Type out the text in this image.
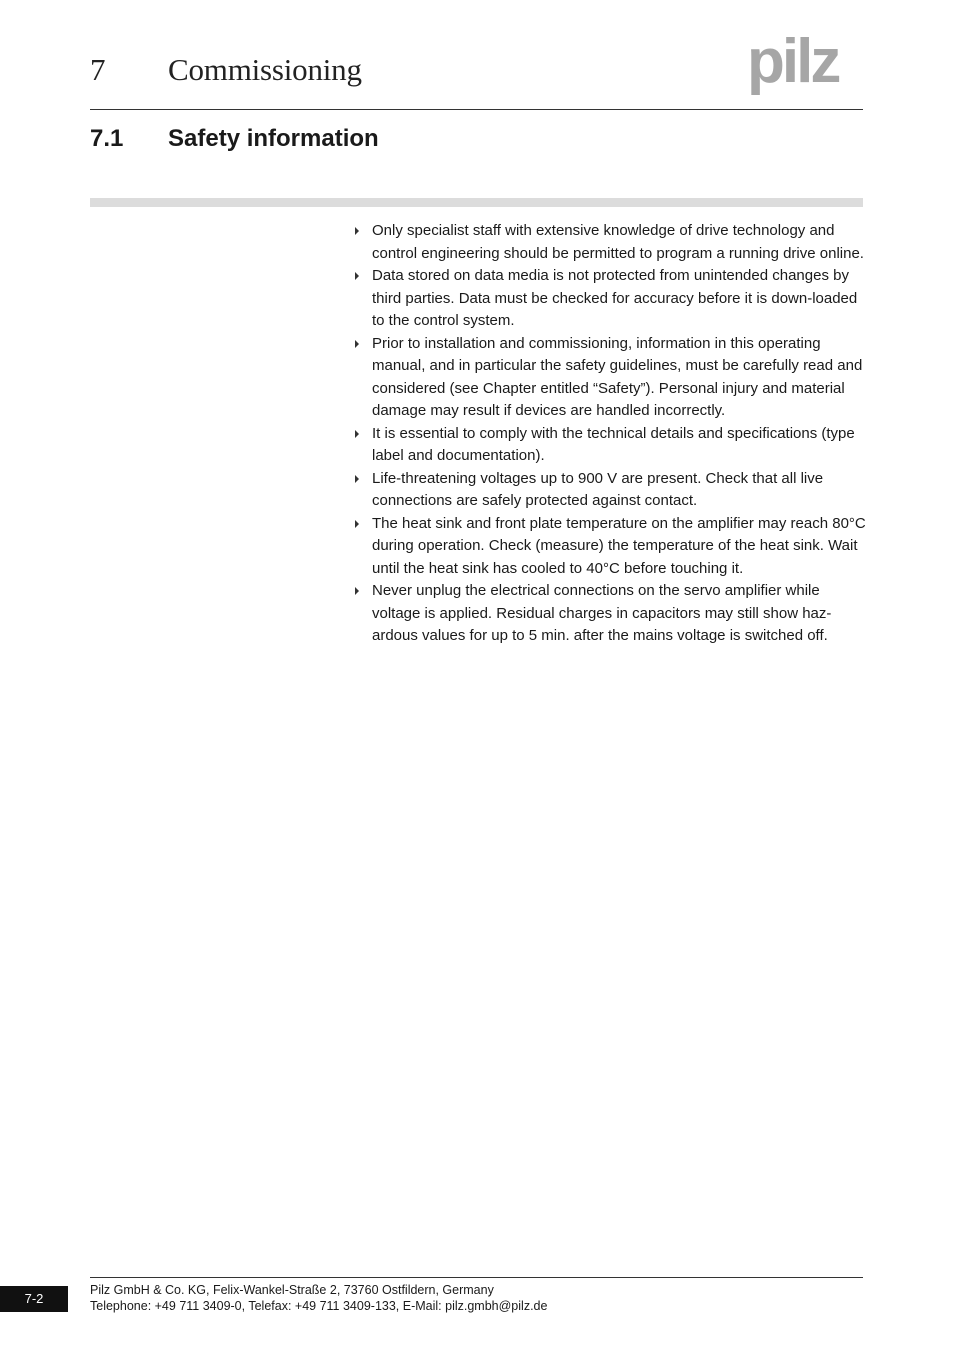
7 Commissioning	pilz
7.1 Safety information
Only specialist staff with extensive knowledge of drive technology and control engineering should be permitted to program a running drive online.
Data stored on data media is not protected from unintended changes by third parties. Data must be checked for accuracy before it is down-loaded to the control system.
Prior to installation and commissioning, information in this operating manual, and in particular the safety guidelines, must be carefully read and considered (see Chapter entitled “Safety”). Personal injury and material damage may result if devices are handled incorrectly.
It is essential to comply with the technical details and specifications (type label and documentation).
Life-threatening voltages up to 900 V are present. Check that all live connections are safely protected against contact.
The heat sink and front plate temperature on the amplifier may reach 80°C during operation. Check (measure) the temperature of the heat sink. Wait until the heat sink has cooled to 40°C before touching it.
Never unplug the electrical connections on the servo amplifier while voltage is applied. Residual charges in capacitors may still show haz-ardous values for up to 5 min. after the mains voltage is switched off.
7-2
Pilz GmbH & Co. KG, Felix-Wankel-Straße 2, 73760 Ostfildern, Germany
Telephone: +49 711 3409-0, Telefax: +49 711 3409-133, E-Mail: pilz.gmbh@pilz.de
